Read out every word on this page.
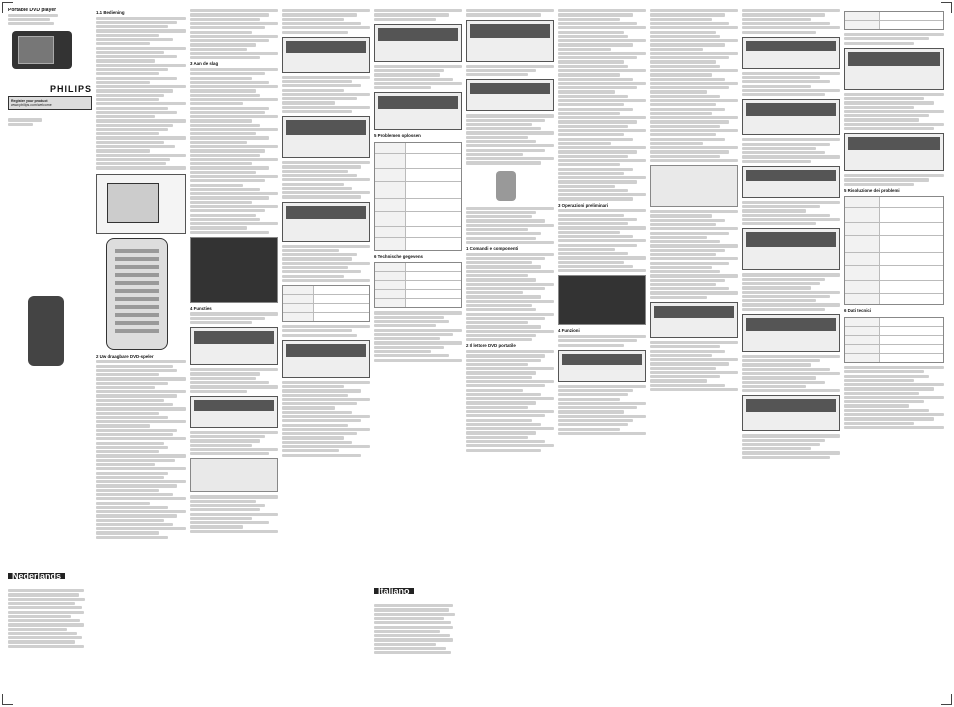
Portable DVD player
PHILIPS
Register your product
www.philips.com/welcome
Nederlands
1.1 Bediening
2 Uw draagbare DVD-speler
3 Aan de slag
4 Functies
5 Problemen oplossen
6 Technische gegevens
Italiano
1 Comandi e componenti
2 Il lettore DVD portatile
3 Operazioni preliminari
4 Funzioni
5 Risoluzione dei problemi
6 Dati tecnici
